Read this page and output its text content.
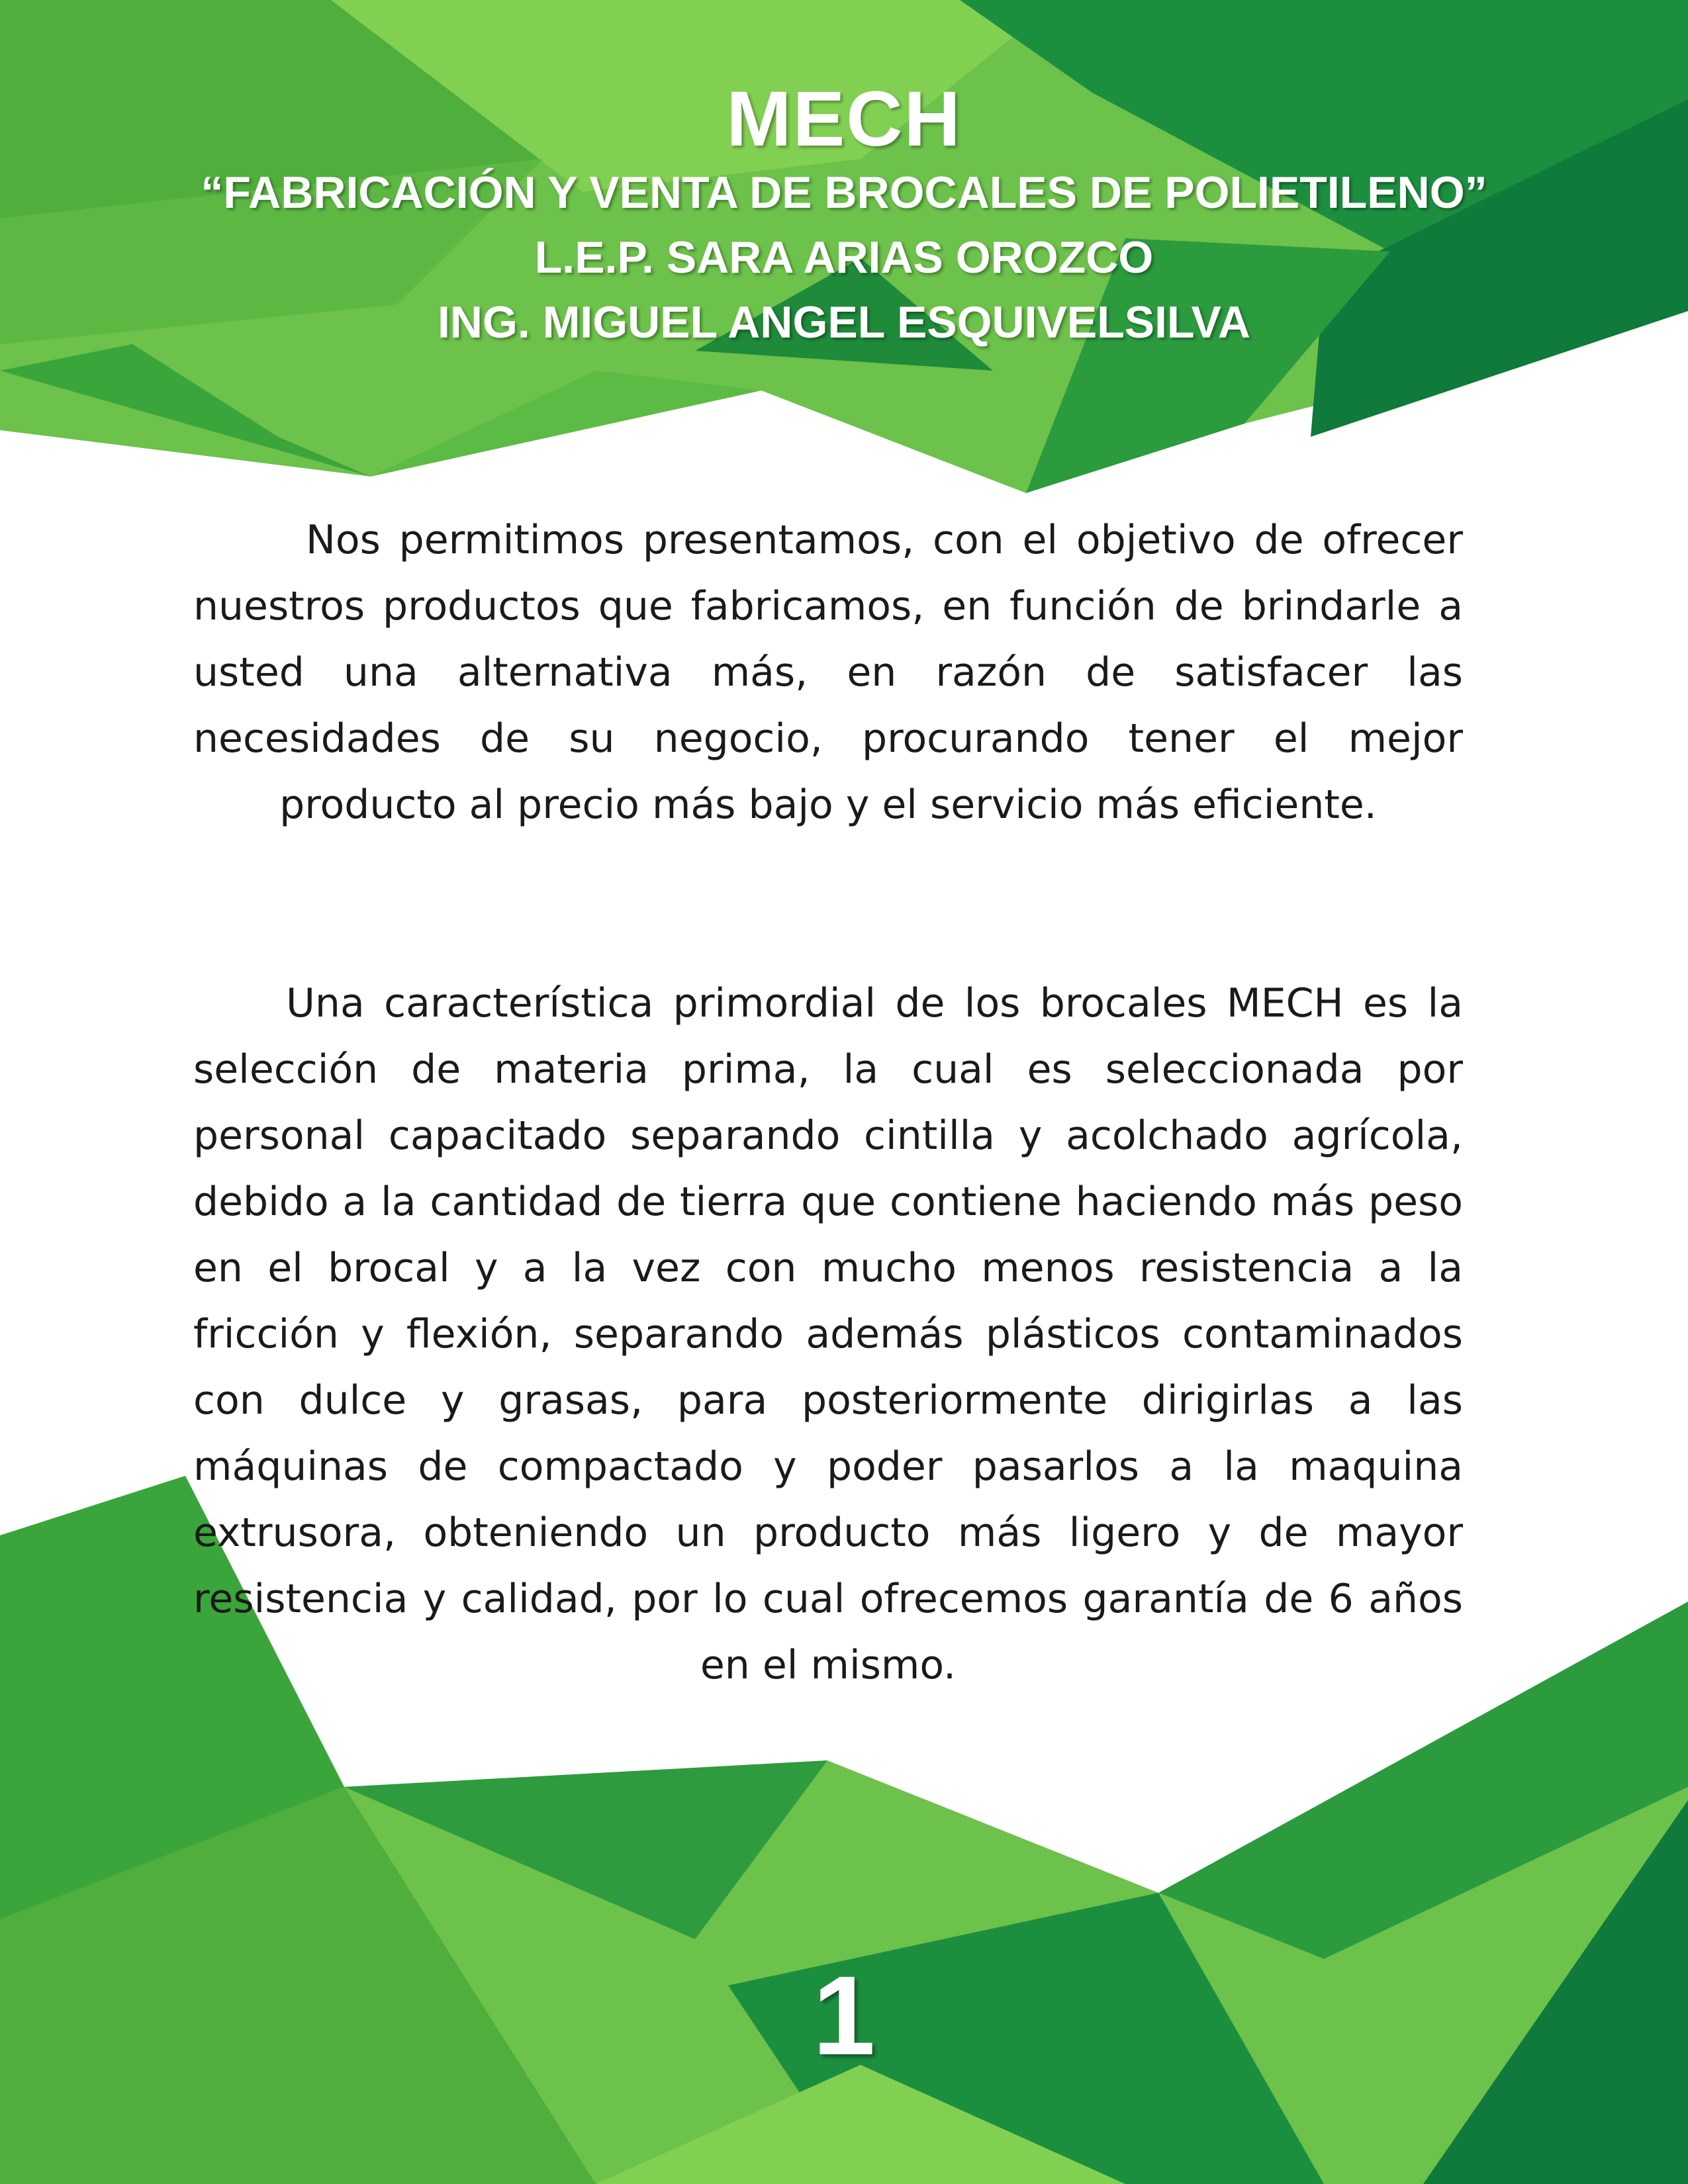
MECH
“FABRICACIÓN Y VENTA DE BROCALES DE POLIETILENO”
L.E.P. SARA ARIAS OROZCO
ING. MIGUEL ANGEL ESQUIVELSILVA

Nos permitimos presentamos, con el objetivo de ofrecer nuestros productos que fabricamos, en función de brindarle a usted una alternativa más, en razón de satisfacer las necesidades de su negocio, procurando tener el mejor producto al precio más bajo y el servicio más eficiente.

Una característica primordial de los brocales MECH es la selección de materia prima, la cual es seleccionada por personal capacitado separando cintilla y acolchado agrícola, debido a la cantidad de tierra que contiene haciendo más peso en el brocal y a la vez con mucho menos resistencia a la fricción y flexión, separando además plásticos contaminados con dulce y grasas, para posteriormente dirigirlas a las máquinas de compactado y poder pasarlos a la maquina extrusora, obteniendo un producto más ligero y de mayor resistencia y calidad, por lo cual ofrecemos garantía de 6 años en el mismo.

1
